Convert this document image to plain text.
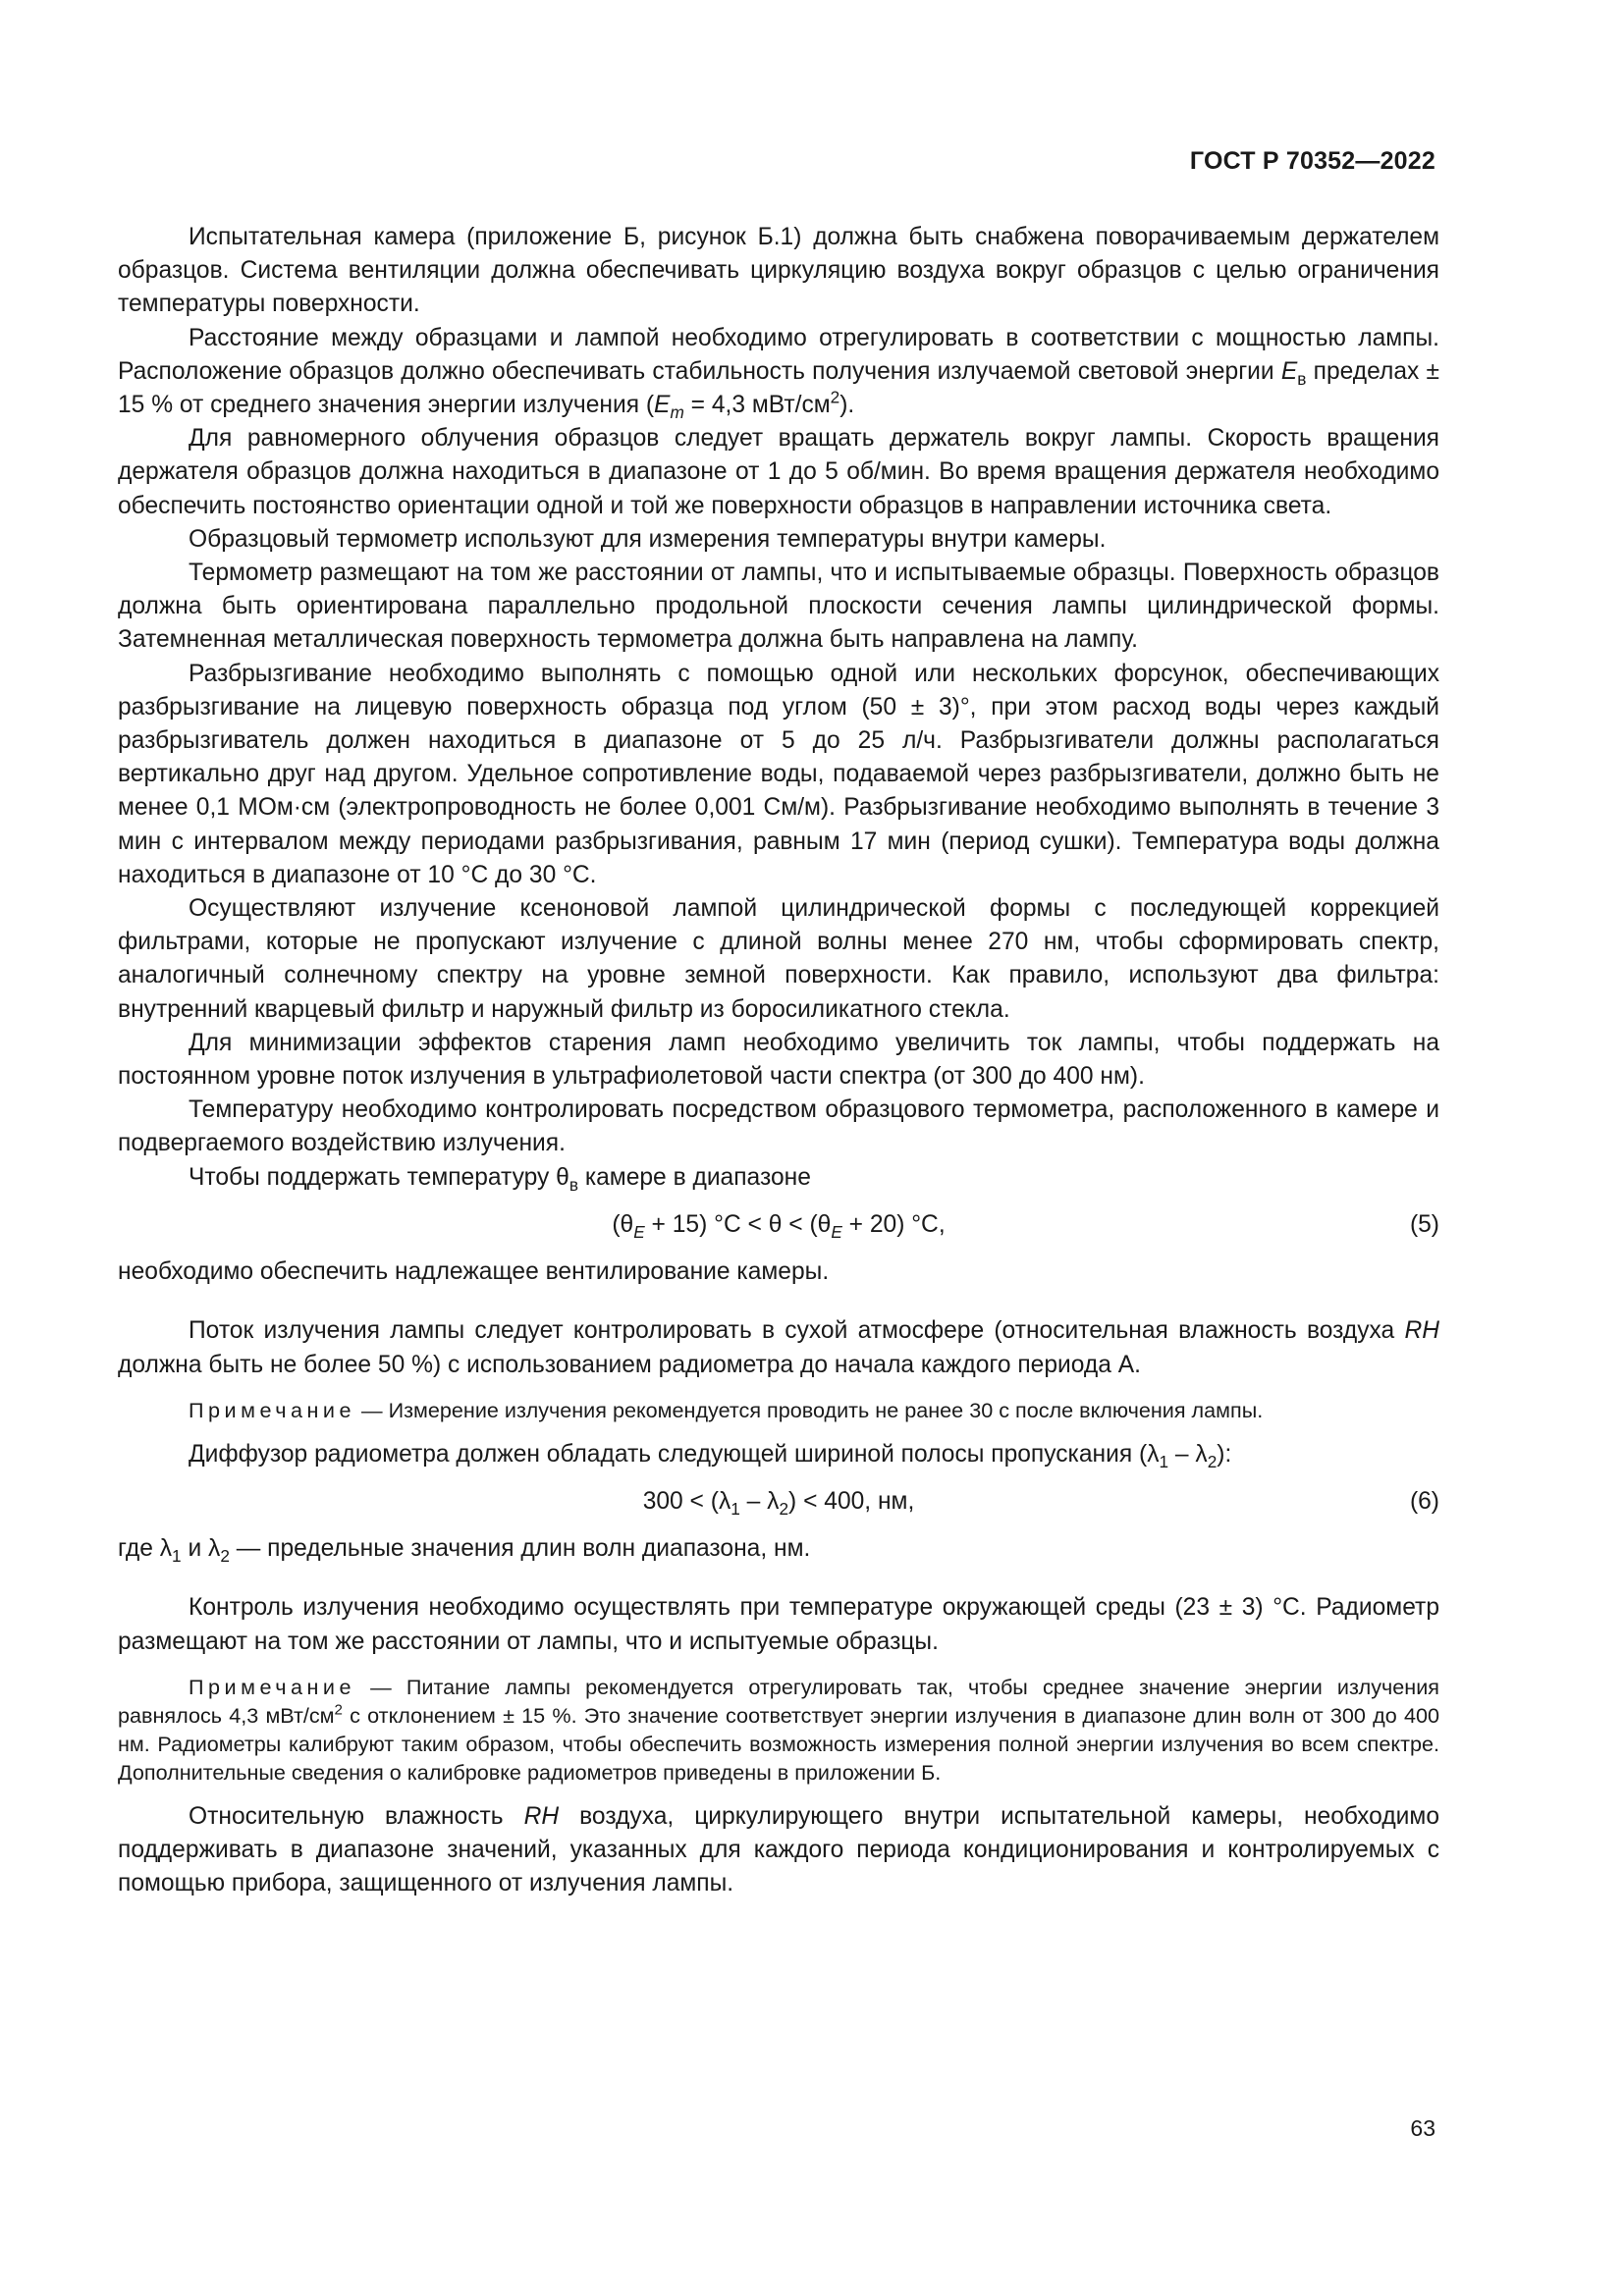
ГОСТ Р 70352—2022

Испытательная камера (приложение Б, рисунок Б.1) должна быть снабжена поворачиваемым держателем образцов. Система вентиляции должна обеспечивать циркуляцию воздуха вокруг образцов с целью ограничения температуры поверхности.

Расстояние между образцами и лампой необходимо отрегулировать в соответствии с мощностью лампы. Расположение образцов должно обеспечивать стабильность получения излучаемой световой энергии $E_в$ пределах ± 15 % от среднего значения энергии излучения ($E_m = 4,3$ мВт/$см^2$).

Для равномерного облучения образцов следует вращать держатель вокруг лампы. Скорость вращения держателя образцов должна находиться в диапазоне от 1 до 5 об/мин. Во время вращения держателя необходимо обеспечить постоянство ориентации одной и той же поверхности образцов в направлении источника света.

Образцовый термометр используют для измерения температуры внутри камеры.

Термометр размещают на том же расстоянии от лампы, что и испытываемые образцы. Поверхность образцов должна быть ориентирована параллельно продольной плоскости сечения лампы цилиндрической формы. Затемненная металлическая поверхность термометра должна быть направлена на лампу.

Разбрызгивание необходимо выполнять с помощью одной или нескольких форсунок, обеспечивающих разбрызгивание на лицевую поверхность образца под углом (50 ± 3)°, при этом расход воды через каждый разбрызгиватель должен находиться в диапазоне от 5 до 25 л/ч. Разбрызгиватели должны располагаться вертикально друг над другом. Удельное сопротивление воды, подаваемой через разбрызгиватели, должно быть не менее 0,1 МОм·см (электропроводность не более 0,001 См/м). Разбрызгивание необходимо выполнять в течение 3 мин с интервалом между периодами разбрызгивания, равным 17 мин (период сушки). Температура воды должна находиться в диапазоне от 10 °С до 30 °С.

Осуществляют излучение ксеноновой лампой цилиндрической формы с последующей коррекцией фильтрами, которые не пропускают излучение с длиной волны менее 270 нм, чтобы сформировать спектр, аналогичный солнечному спектру на уровне земной поверхности. Как правило, используют два фильтра: внутренний кварцевый фильтр и наружный фильтр из боросиликатного стекла.

Для минимизации эффектов старения ламп необходимо увеличить ток лампы, чтобы поддержать на постоянном уровне поток излучения в ультрафиолетовой части спектра (от 300 до 400 нм).

Температуру необходимо контролировать посредством образцового термометра, расположенного в камере и подвергаемого воздействию излучения.

Чтобы поддержать температуру $\theta_в$ камере в диапазоне

$(\theta_E + 15) ^\circ С < \theta < (\theta_E + 20)$ °С,	(5)

необходимо обеспечить надлежащее вентилирование камеры.

Поток излучения лампы следует контролировать в сухой атмосфере (относительная влажность воздуха RH должна быть не более 50 %) с использованием радиометра до начала каждого периода А.

Примечание — Измерение излучения рекомендуется проводить не ранее 30 с после включения лампы.

Диффузор радиометра должен обладать следующей шириной полосы пропускания $(\lambda_1 - \lambda_2)$:

$300 < (\lambda_1 - \lambda_2) < 400$, нм,	(6)

где $\lambda_1$ и $\lambda_2$ — предельные значения длин волн диапазона, нм.

Контроль излучения необходимо осуществлять при температуре окружающей среды (23 ± 3) °С. Радиометр размещают на том же расстоянии от лампы, что и испытуемые образцы.

Примечание — Питание лампы рекомендуется отрегулировать так, чтобы среднее значение энергии излучения равнялось 4,3 мВт/$см^2$ с отклонением ± 15 %. Это значение соответствует энергии излучения в диапазоне длин волн от 300 до 400 нм. Радиометры калибруют таким образом, чтобы обеспечить возможность измерения полной энергии излучения во всем спектре. Дополнительные сведения о калибровке радиометров приведены в приложении Б.

Относительную влажность RH воздуха, циркулирующего внутри испытательной камеры, необходимо поддерживать в диапазоне значений, указанных для каждого периода кондиционирования и контролируемых с помощью прибора, защищенного от излучения лампы.

63
